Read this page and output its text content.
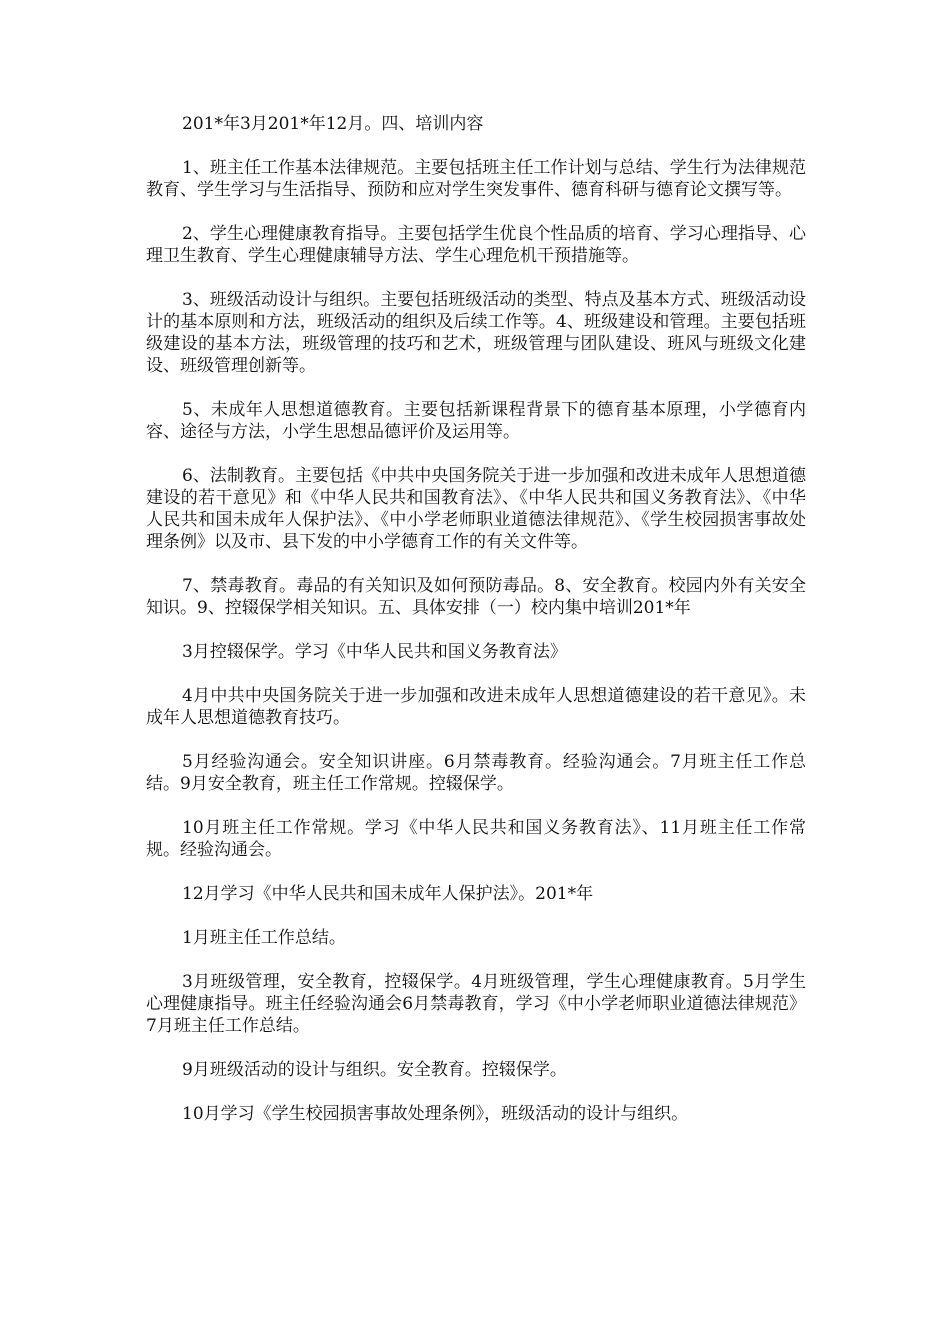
201*年3月201*年12月。四、培训内容

1、班主任工作基本法律规范。主要包括班主任工作计划与总结、学生行为法律规范教育、学生学习与生活指导、预防和应对学生突发事件、德育科研与德育论文撰写等。

2、学生心理健康教育指导。主要包括学生优良个性品质的培育、学习心理指导、心理卫生教育、学生心理健康辅导方法、学生心理危机干预措施等。

3、班级活动设计与组织。主要包括班级活动的类型、特点及基本方式、班级活动设计的基本原则和方法，班级活动的组织及后续工作等。4、班级建设和管理。主要包括班级建设的基本方法，班级管理的技巧和艺术，班级管理与团队建设、班风与班级文化建设、班级管理创新等。

5、未成年人思想道德教育。主要包括新课程背景下的德育基本原理，小学德育内容、途径与方法，小学生思想品德评价及运用等。

6、法制教育。主要包括《中共中央国务院关于进一步加强和改进未成年人思想道德建设的若干意见》和《中华人民共和国教育法》、《中华人民共和国义务教育法》、《中华人民共和国未成年人保护法》、《中小学老师职业道德法律规范》、《学生校园损害事故处理条例》以及市、县下发的中小学德育工作的有关文件等。

7、禁毒教育。毒品的有关知识及如何预防毒品。8、安全教育。校园内外有关安全知识。9、控辍保学相关知识。五、具体安排（一）校内集中培训201*年

3月控辍保学。学习《中华人民共和国义务教育法》

4月中共中央国务院关于进一步加强和改进未成年人思想道德建设的若干意见》。未成年人思想道德教育技巧。

5月经验沟通会。安全知识讲座。6月禁毒教育。经验沟通会。7月班主任工作总结。9月安全教育，班主任工作常规。控辍保学。

10月班主任工作常规。学习《中华人民共和国义务教育法》、11月班主任工作常规。经验沟通会。

12月学习《中华人民共和国未成年人保护法》。201*年

1月班主任工作总结。

3月班级管理，安全教育，控辍保学。4月班级管理，学生心理健康教育。5月学生心理健康指导。班主任经验沟通会6月禁毒教育，学习《中小学老师职业道德法律规范》7月班主任工作总结。

9月班级活动的设计与组织。安全教育。控辍保学。

10月学习《学生校园损害事故处理条例》，班级活动的设计与组织。
